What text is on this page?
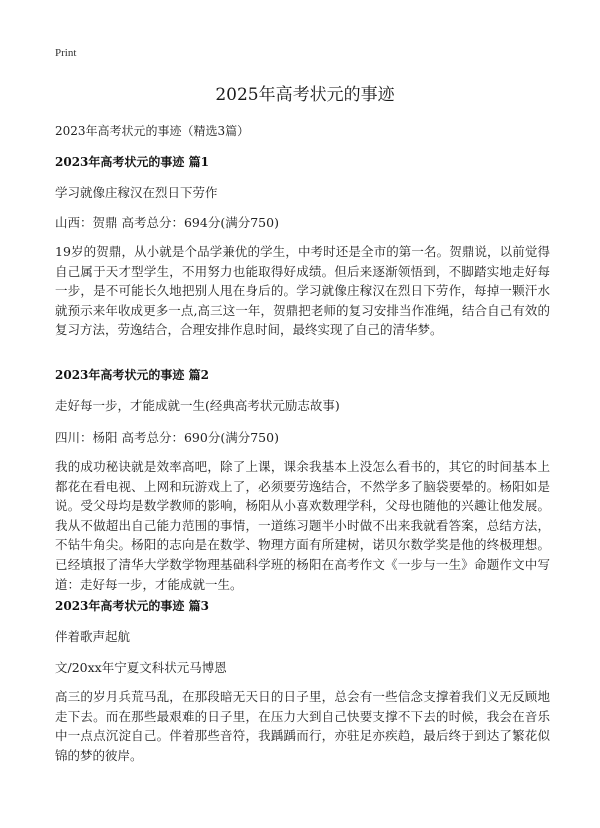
Print

2025年高考状元的事迹

2023年高考状元的事迹（精选3篇）

2023年高考状元的事迹 篇1

学习就像庄稼汉在烈日下劳作

山西：贺鼎 高考总分：694分(满分750)

19岁的贺鼎，从小就是个品学兼优的学生，中考时还是全市的第一名。贺鼎说，以前觉得自己属于天才型学生，不用努力也能取得好成绩。但后来逐渐领悟到，不脚踏实地走好每一步，是不可能长久地把别人甩在身后的。学习就像庄稼汉在烈日下劳作，每掉一颗汗水就预示来年收成更多一点,高三这一年，贺鼎把老师的复习安排当作准绳，结合自己有效的复习方法，劳逸结合，合理安排作息时间，最终实现了自己的清华梦。

2023年高考状元的事迹 篇2

走好每一步，才能成就一生(经典高考状元励志故事)

四川：杨阳 高考总分：690分(满分750)

我的成功秘诀就是效率高吧，除了上课，课余我基本上没怎么看书的，其它的时间基本上都花在看电视、上网和玩游戏上了，必须要劳逸结合，不然学多了脑袋要晕的。杨阳如是说。受父母均是数学教师的影响，杨阳从小喜欢数理学科，父母也随他的兴趣让他发展。我从不做超出自己能力范围的事情，一道练习题半小时做不出来我就看答案，总结方法，不钻牛角尖。杨阳的志向是在数学、物理方面有所建树，诺贝尔数学奖是他的终极理想。已经填报了清华大学数学物理基础科学班的杨阳在高考作文《一步与一生》命题作文中写道：走好每一步，才能成就一生。

2023年高考状元的事迹 篇3

伴着歌声起航

文/20xx年宁夏文科状元马博恩

高三的岁月兵荒马乱，在那段暗无天日的日子里，总会有一些信念支撑着我们义无反顾地走下去。而在那些最艰难的日子里，在压力大到自己快要支撑不下去的时候，我会在音乐中一点点沉淀自己。伴着那些音符，我踽踽而行，亦驻足亦疾趋，最后终于到达了繁花似锦的梦的彼岸。
